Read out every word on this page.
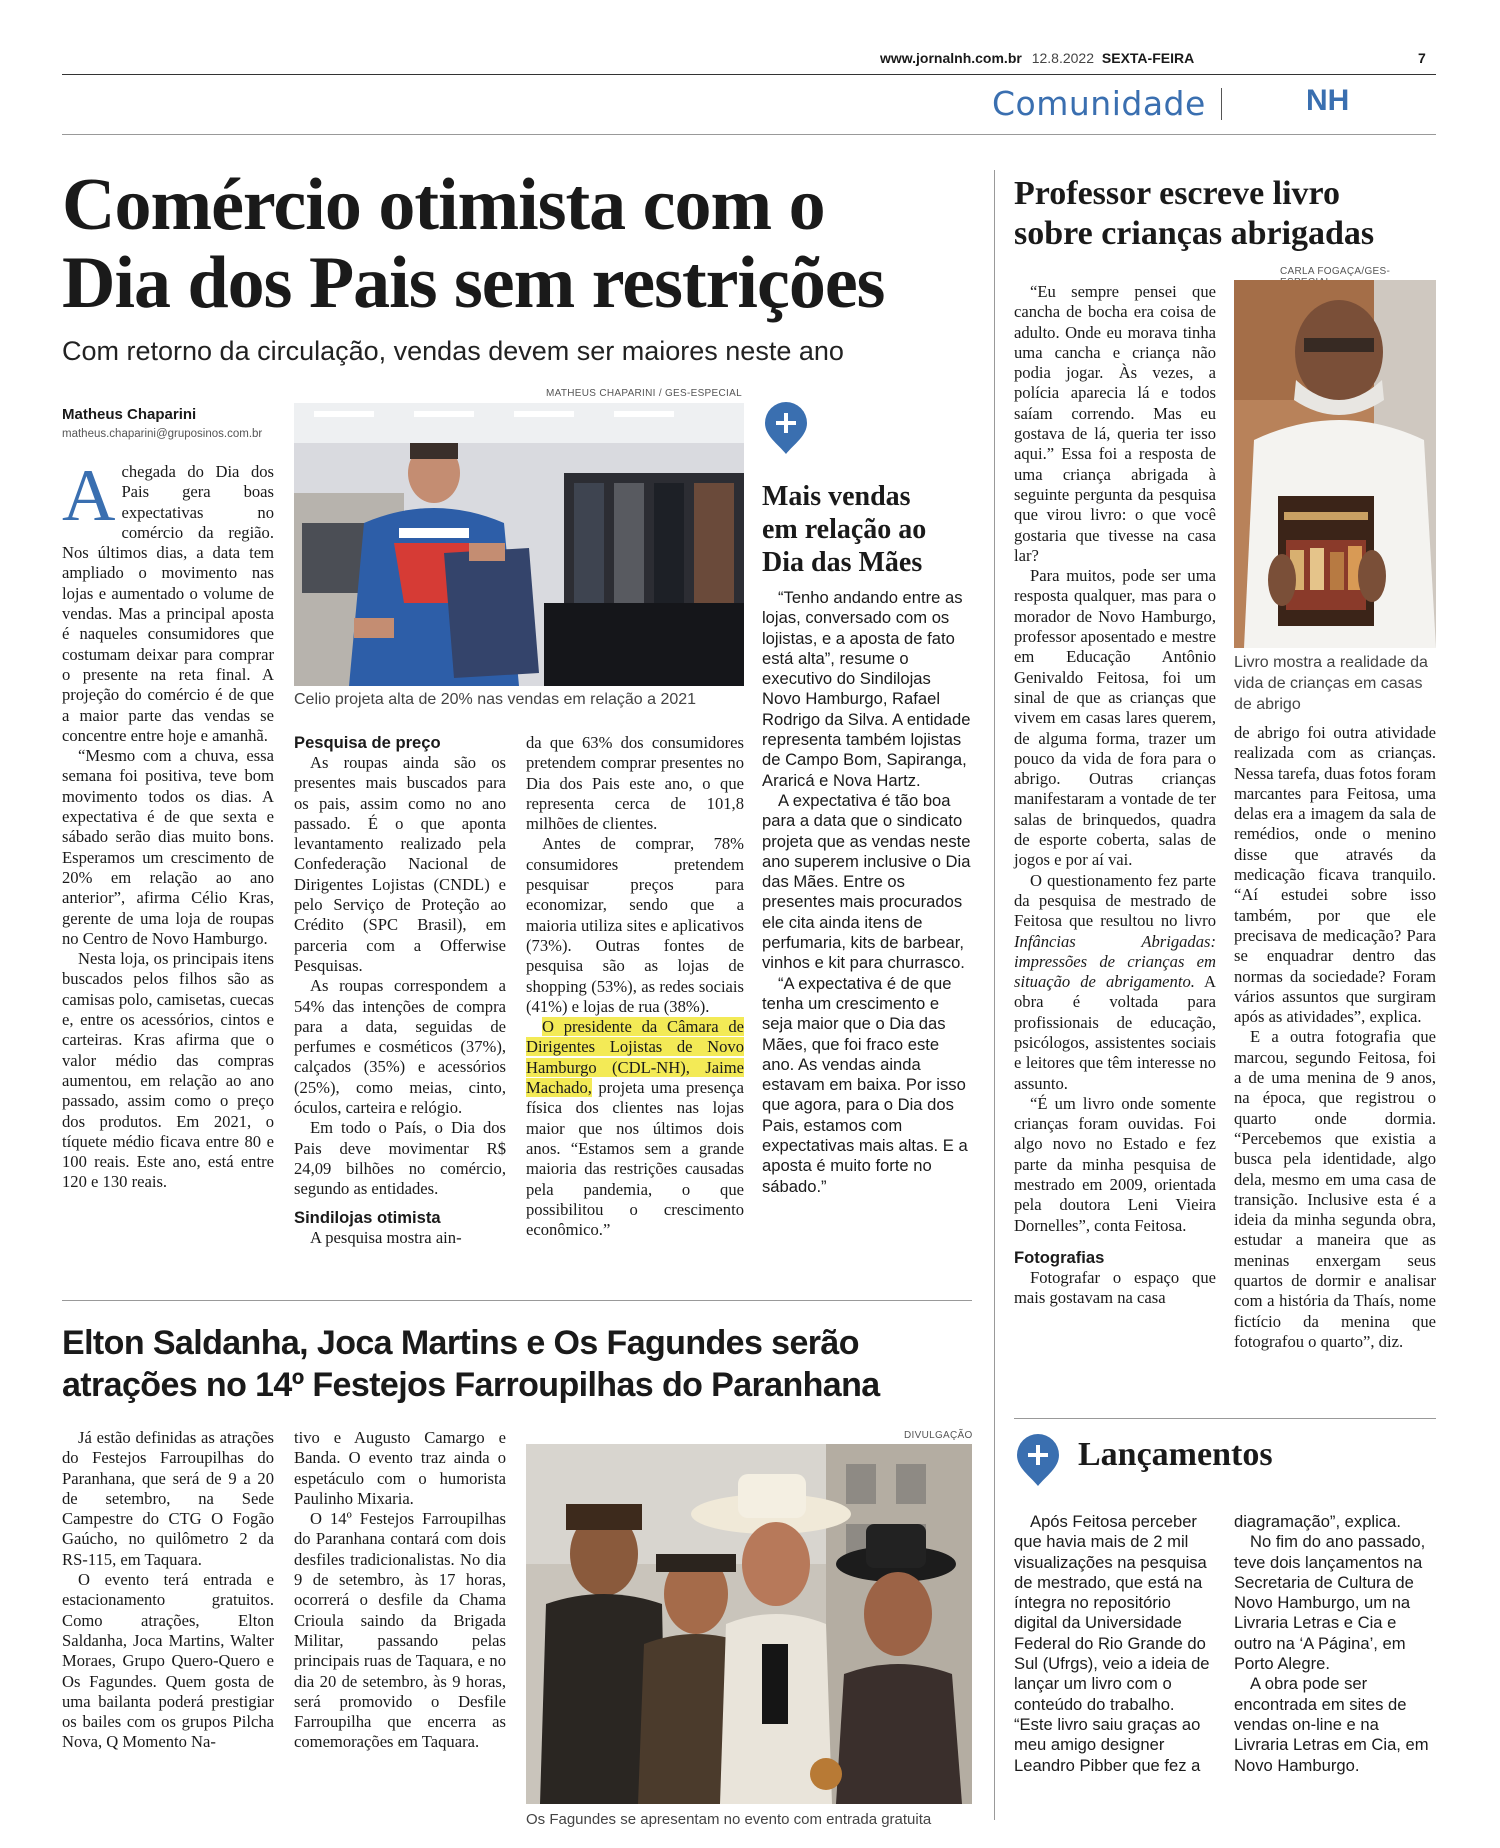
www.jornalnh.com.br 12.8.2022 SEXTA-FEIRA	7
Comunidade	NH
Comércio otimista com o
Dia dos Pais sem restrições
Com retorno da circulação, vendas devem ser maiores neste ano
Matheus Chaparini
matheus.chaparini@gruposinos.com.br
MATHEUS CHAPARINI / GES-ESPECIAL
Celio projeta alta de 20% nas vendas em relação a 2021

Achegada do Dia dos Pais gera boas expectativas no comércio da região. Nos últimos dias, a data tem ampliado o movimento nas lojas e aumentado o volume de vendas. Mas a principal aposta é naqueles consumidores que costumam deixar para comprar o presente na reta final. A projeção do comércio é de que a maior parte das vendas se concentre entre hoje e amanhã.

“Mesmo com a chuva, essa semana foi positiva, teve bom movimento todos os dias. A expectativa é de que sexta e sábado serão dias muito bons. Esperamos um crescimento de 20% em relação ao ano anterior”, afirma Célio Kras, gerente de uma loja de roupas no Centro de Novo Hamburgo.

Nesta loja, os principais itens buscados pelos filhos são as camisas polo, camisetas, cuecas e, entre os acessórios, cintos e carteiras. Kras afirma que o valor médio das compras aumentou, em relação ao ano passado, assim como o preço dos produtos. Em 2021, o tíquete médio ficava entre 80 e 100 reais. Este ano, está entre 120 e 130 reais.

Pesquisa de preço

As roupas ainda são os presentes mais buscados para os pais, assim como no ano passado. É o que aponta levantamento realizado pela Confederação Nacional de Dirigentes Lojistas (CNDL) e pelo Serviço de Proteção ao Crédito (SPC Brasil), em parceria com a Offerwise Pesquisas.

As roupas correspondem a 54% das intenções de compra para a data, seguidas de perfumes e cosméticos (37%), calçados (35%) e acessórios (25%), como meias, cinto, óculos, carteira e relógio.

Em todo o País, o Dia dos Pais deve movimentar R$ 24,09 bilhões no comércio, segundo as entidades.

Sindilojas otimista

A pesquisa mostra ain-

da que 63% dos consumidores pretendem comprar presentes no Dia dos Pais este ano, o que representa cerca de 101,8 milhões de clientes.

Antes de comprar, 78% consumidores pretendem pesquisar preços para economizar, sendo que a maioria utiliza sites e aplicativos (73%). Outras fontes de pesquisa são as lojas de shopping (53%), as redes sociais (41%) e lojas de rua (38%).

O presidente da Câmara de Dirigentes Lojistas de Novo Hamburgo (CDL-NH), Jaime Machado, projeta uma presença física dos clientes nas lojas maior que nos últimos dois anos. “Estamos sem a grande maioria das restrições causadas pela pandemia, o que possibilitou o crescimento econômico.”

Mais vendas
em relação ao
Dia das Mães

“Tenho andando entre as lojas, conversado com os lojistas, e a aposta de fato está alta”, resume o executivo do Sindilojas Novo Hamburgo, Rafael Rodrigo da Silva. A entidade representa também lojistas de Campo Bom, Sapiranga, Araricá e Nova Hartz.

A expectativa é tão boa para a data que o sindicato projeta que as vendas neste ano superem inclusive o Dia das Mães. Entre os presentes mais procurados ele cita ainda itens de perfumaria, kits de barbear, vinhos e kit para churrasco.

“A expectativa é de que tenha um crescimento e seja maior que o Dia das Mães, que foi fraco este ano. As vendas ainda estavam em baixa. Por isso que agora, para o Dia dos Pais, estamos com expectativas mais altas. E a aposta é muito forte no sábado.”

Professor escreve livro
sobre crianças abrigadas
CARLA FOGAÇA/GES-
Livro mostra a realidade da vida de crianças em casas de abrigo

“Eu sempre pensei que cancha de bocha era coisa de adulto. Onde eu morava tinha uma cancha e criança não podia jogar. Às vezes, a polícia aparecia lá e todos saíam correndo. Mas eu gostava de lá, queria ter isso aqui.” Essa foi a resposta de uma criança abrigada à seguinte pergunta da pesquisa que virou livro: o que você gostaria que tivesse na casa lar?

Para muitos, pode ser uma resposta qualquer, mas para o morador de Novo Hamburgo, professor aposentado e mestre em Educação Antônio Genivaldo Feitosa, foi um sinal de que as crianças que vivem em casas lares querem, de alguma forma, trazer um pouco da vida de fora para o abrigo. Outras crianças manifestaram a vontade de ter salas de brinquedos, quadra de esporte coberta, salas de jogos e por aí vai.

O questionamento fez parte da pesquisa de mestrado de Feitosa que resultou no livro Infâncias Abrigadas: impressões de crianças em situação de abrigamento. A obra é voltada para profissionais de educação, psicólogos, assistentes sociais e leitores que têm interesse no assunto.

“É um livro onde somente crianças foram ouvidas. Foi algo novo no Estado e fez parte da minha pesquisa de mestrado em 2009, orientada pela doutora Leni Vieira Dornelles”, conta Feitosa.

Fotografias

Fotografar o espaço que mais gostavam na casa

de abrigo foi outra atividade realizada com as crianças. Nessa tarefa, duas fotos foram marcantes para Feitosa, uma delas era a imagem da sala de remédios, onde o menino disse que através da medicação ficava tranquilo. “Aí estudei sobre isso também, por que ele precisava de medicação? Para se enquadrar dentro das normas da sociedade? Foram vários assuntos que surgiram após as atividades”, explica.

E a outra fotografia que marcou, segundo Feitosa, foi a de uma menina de 9 anos, na época, que registrou o quarto onde dormia. “Percebemos que existia a busca pela identidade, algo dela, mesmo em uma casa de transição. Inclusive esta é a ideia da minha segunda obra, estudar a maneira que as meninas enxergam seus quartos de dormir e analisar com a história da Thaís, nome fictício da menina que fotografou o quarto”, diz.

Lançamentos

Após Feitosa perceber que havia mais de 2 mil visualizações na pesquisa de mestrado, que está na íntegra no repositório digital da Universidade Federal do Rio Grande do Sul (Ufrgs), veio a ideia de lançar um livro com o conteúdo do trabalho. “Este livro saiu graças ao meu amigo designer Leandro Pibber que fez a

diagramação”, explica.

No fim do ano passado, teve dois lançamentos na Secretaria de Cultura de Novo Hamburgo, um na Livraria Letras e Cia e outro na ‘A Página’, em Porto Alegre.

A obra pode ser encontrada em sites de vendas on-line e na Livraria Letras em Cia, em Novo Hamburgo.

Elton Saldanha, Joca Martins e Os Fagundes serão
atrações no 14º Festejos Farroupilhas do Paranhana

Já estão definidas as atrações do Festejos Farroupilhas do Paranhana, que será de 9 a 20 de setembro, na Sede Campestre do CTG O Fogão Gaúcho, no quilômetro 2 da RS-115, em Taquara.

O evento terá entrada e estacionamento gratuitos. Como atrações, Elton Saldanha, Joca Martins, Walter Moraes, Grupo Quero-Quero e Os Fagundes. Quem gosta de uma bailanta poderá prestigiar os bailes com os grupos Pilcha Nova, Q Momento Na-

tivo e Augusto Camargo e Banda. O evento traz ainda o espetáculo com o humorista Paulinho Mixaria.

O 14º Festejos Farroupilhas do Paranhana contará com dois desfiles tradicionalistas. No dia 9 de setembro, às 17 horas, ocorrerá o desfile da Chama Crioula saindo da Brigada Militar, passando pelas principais ruas de Taquara, e no dia 20 de setembro, às 9 horas, será promovido o Desfile Farroupilha que encerra as comemorações em Taquara.

DIVULGAÇÃO
Os Fagundes se apresentam no evento com entrada gratuita
